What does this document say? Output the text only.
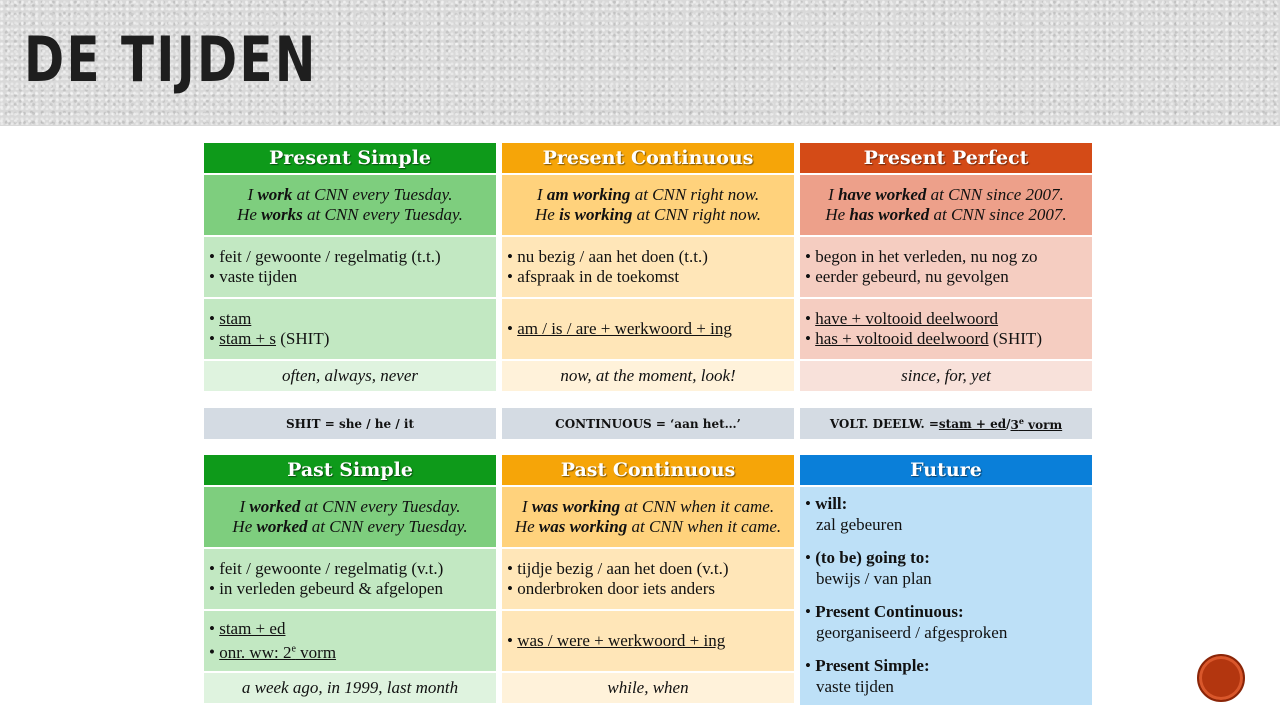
DE TIJDEN
Present Simple
I work at CNN every Tuesday.
He works at CNN every Tuesday.
• feit / gewoonte / regelmatig (t.t.)
• vaste tijden
• stam
• stam + s (SHIT)
often, always, never
Present Continuous
I am working at CNN right now.
He is working at CNN right now.
• nu bezig / aan het doen (t.t.)
• afspraak in de toekomst
• am / is / are + werkwoord + ing
now, at the moment, look!
Present Perfect
I have worked at CNN since 2007.
He has worked at CNN since 2007.
• begon in het verleden, nu nog zo
• eerder gebeurd, nu gevolgen
• have + voltooid deelwoord
• has + voltooid deelwoord (SHIT)
since, for, yet
SHIT = she / he / it	CONTINUOUS = ‘aan het…’	VOLT. DEELW. = stam + ed / 3e vorm
Past Simple
I worked at CNN every Tuesday.
He worked at CNN every Tuesday.
• feit / gewoonte / regelmatig (v.t.)
• in verleden gebeurd & afgelopen
• stam + ed
• onr. ww: 2e vorm
a week ago, in 1999, last month
Past Continuous
I was working at CNN when it came.
He was working at CNN when it came.
• tijdje bezig / aan het doen (v.t.)
• onderbroken door iets anders
• was / were + werkwoord + ing
while, when
Future
• will:
zal gebeuren
• (to be) going to:
bewijs / van plan
• Present Continuous:
georganiseerd / afgesproken
• Present Simple:
vaste tijden
